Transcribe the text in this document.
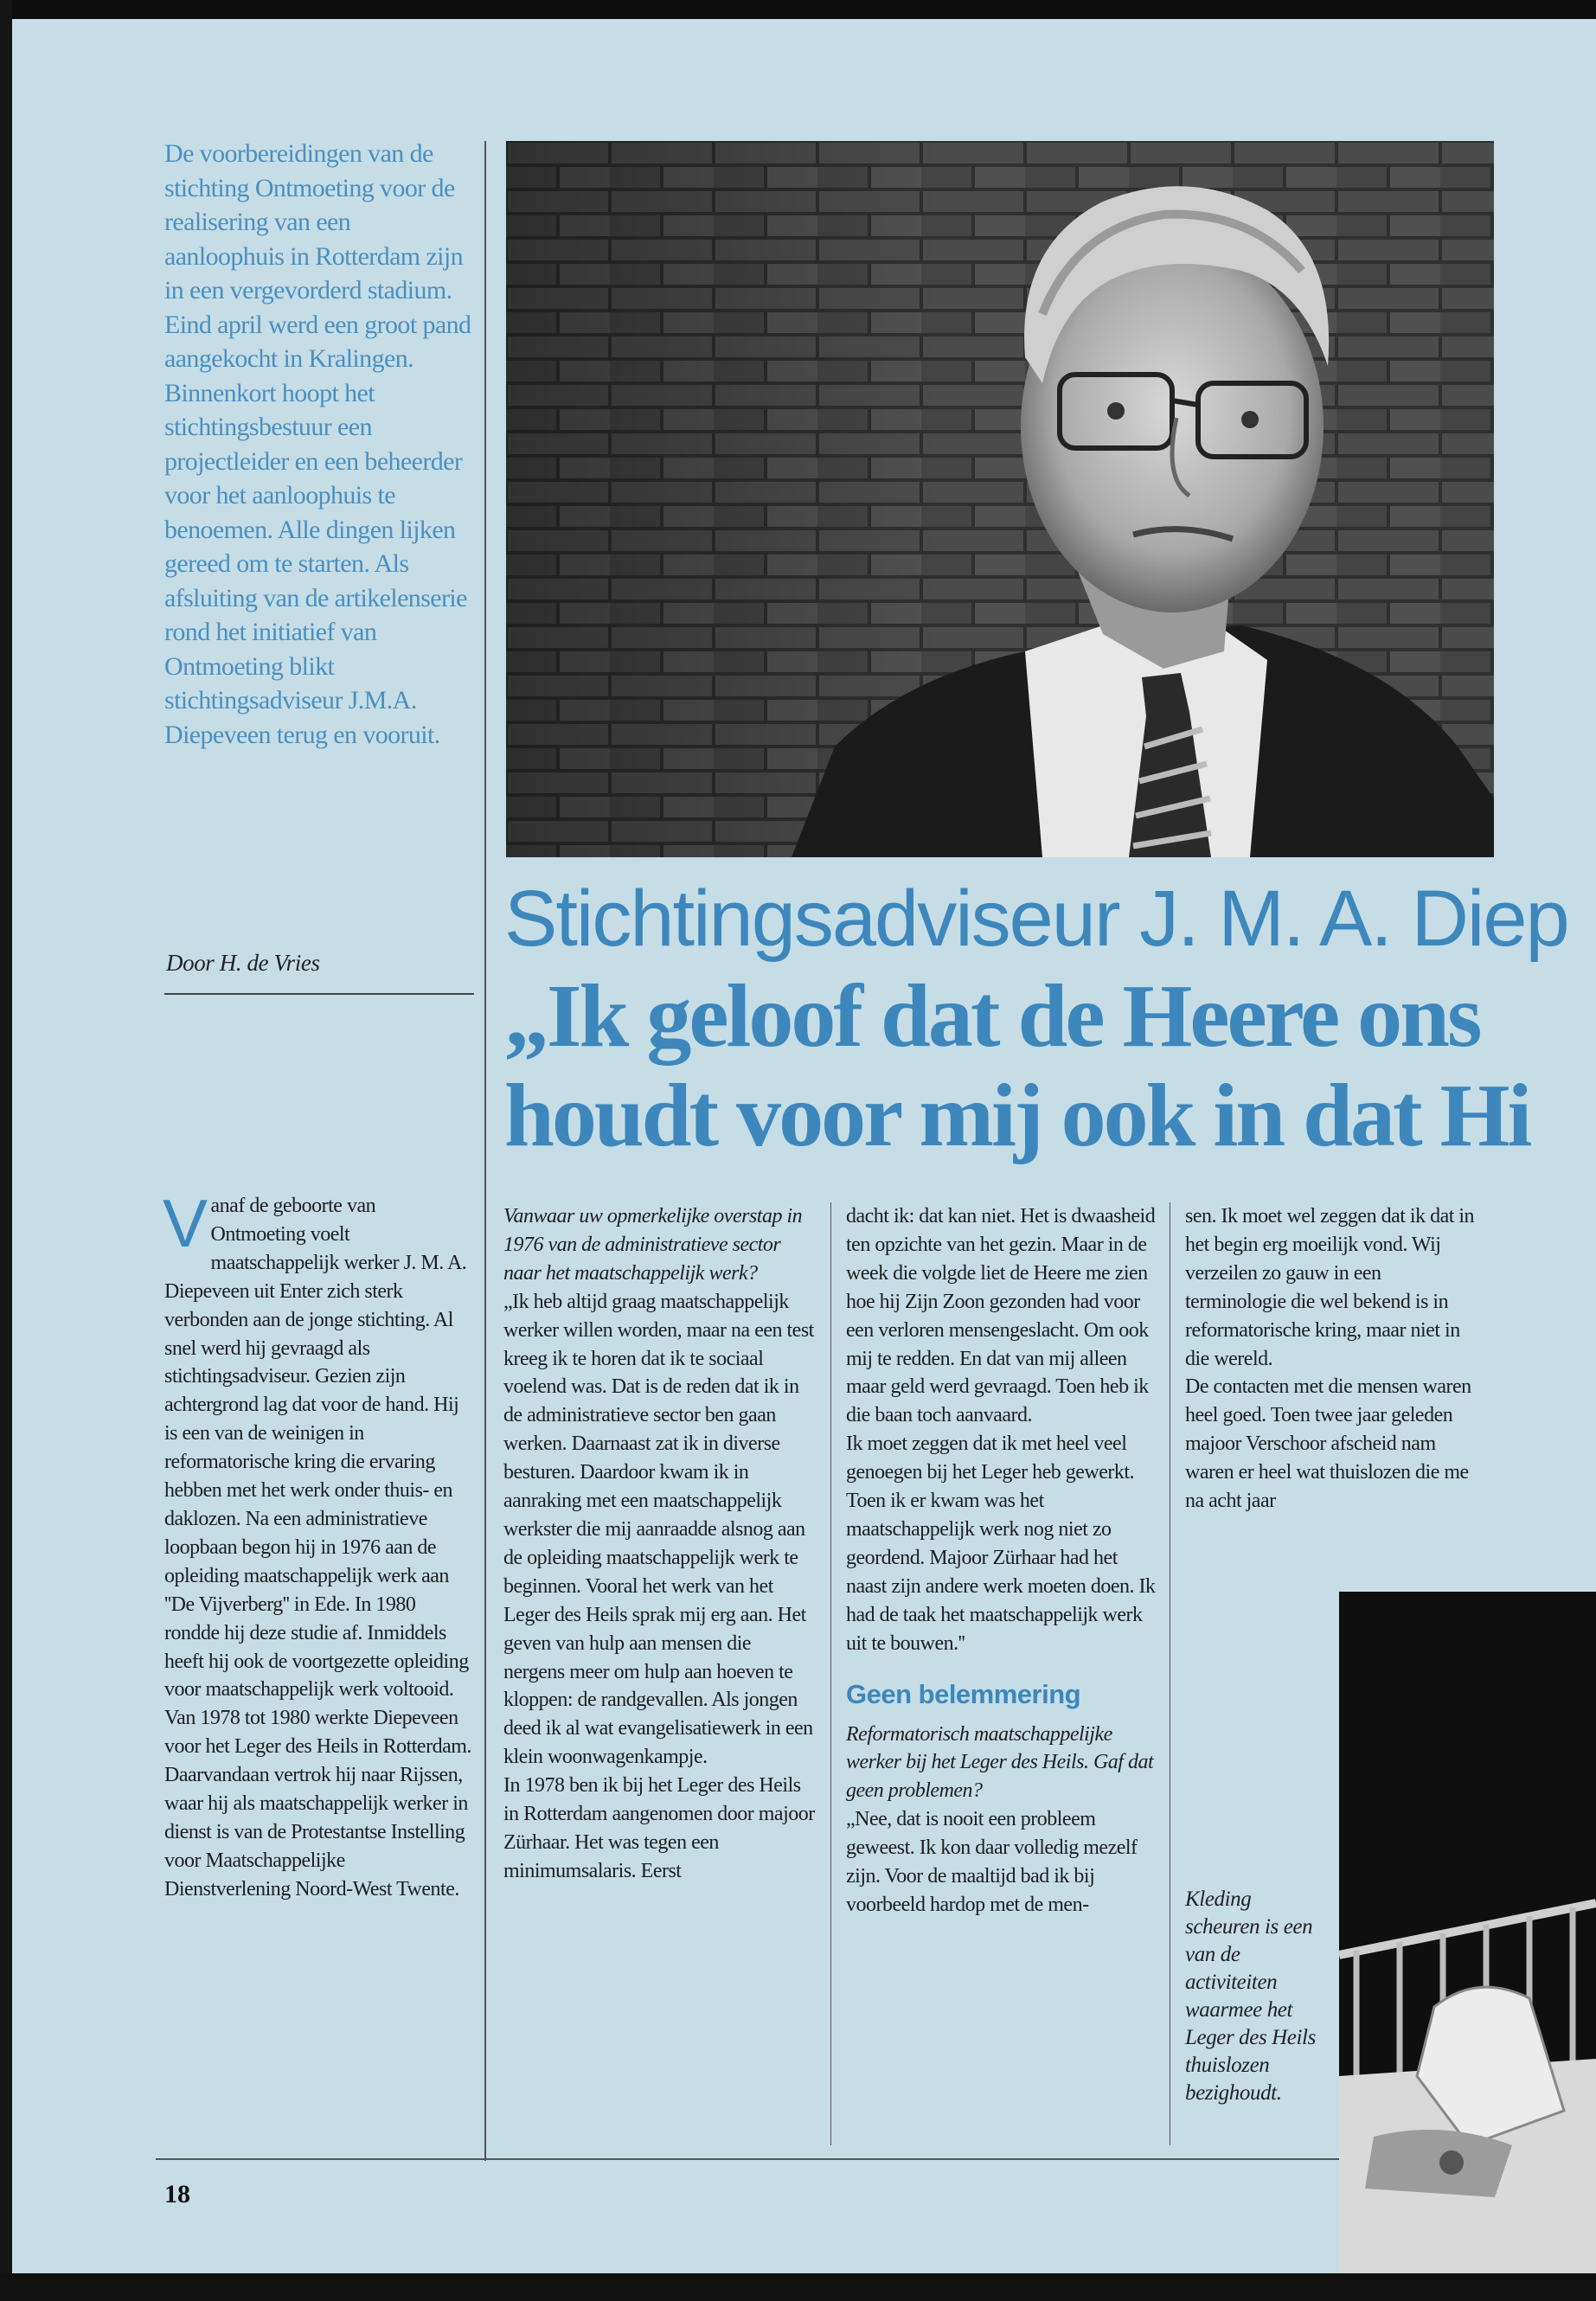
De voorbereidingen van de stichting Ontmoeting voor de realisering van een aanloophuis in Rotterdam zijn in een vergevorderd stadium. Eind april werd een groot pand aangekocht in Kralingen. Binnenkort hoopt het stichtingsbestuur een projectleider en een beheerder voor het aanloophuis te benoemen. Alle dingen lijken gereed om te starten. Als afsluiting van de artikelenserie rond het initiatief van Ontmoeting blikt stichtingsadviseur J.M.A. Diepeveen terug en vooruit.
Door H. de Vries	Stichtingsadviseur J. M. A. Diep
„Ik geloof dat de Heere ons
houdt voor mij ook in dat Hi

Vanaf de geboorte van Ontmoeting voelt maatschappelijk werker J. M. A. Diepeveen uit Enter zich sterk verbonden aan de jonge stichting. Al snel werd hij gevraagd als stichtingsadviseur. Gezien zijn achtergrond lag dat voor de hand. Hij is een van de weinigen in reformatorische kring die ervaring hebben met het werk onder thuis- en daklozen. Na een administratieve loopbaan begon hij in 1976 aan de opleiding maatschappelijk werk aan ''De Vijverberg'' in Ede. In 1980 rondde hij deze studie af. Inmiddels heeft hij ook de voortgezette opleiding voor maatschappelijk werk voltooid. Van 1978 tot 1980 werkte Diepeveen voor het Leger des Heils in Rotterdam. Daarvandaan vertrok hij naar Rijssen, waar hij als maatschappelijk werker in dienst is van de Protestantse Instelling voor Maatschappelijke Dienstverlening Noord-West Twente.

Vanwaar uw opmerkelijke overstap in 1976 van de administratieve sector naar het maatschappelijk werk?

„Ik heb altijd graag maatschappelijk werker willen worden, maar na een test kreeg ik te horen dat ik te sociaal voelend was. Dat is de reden dat ik in de administratieve sector ben gaan werken. Daarnaast zat ik in diverse besturen. Daardoor kwam ik in aanraking met een maatschappelijk werkster die mij aanraadde alsnog aan de opleiding maatschappelijk werk te beginnen. Vooral het werk van het Leger des Heils sprak mij erg aan. Het geven van hulp aan mensen die nergens meer om hulp aan hoeven te kloppen: de randgevallen. Als jongen deed ik al wat evangelisatiewerk in een klein woonwagenkampje.

In 1978 ben ik bij het Leger des Heils in Rotterdam aangenomen door majoor Zürhaar. Het was tegen een minimumsalaris. Eerst

dacht ik: dat kan niet. Het is dwaasheid ten opzichte van het gezin. Maar in de week die volgde liet de Heere me zien hoe hij Zijn Zoon gezonden had voor een verloren mensengeslacht. Om ook mij te redden. En dat van mij alleen maar geld werd gevraagd. Toen heb ik die baan toch aanvaard.

Ik moet zeggen dat ik met heel veel genoegen bij het Leger heb gewerkt. Toen ik er kwam was het maatschappelijk werk nog niet zo geordend. Majoor Zürhaar had het naast zijn andere werk moeten doen. Ik had de taak het maatschappelijk werk uit te bouwen.''

Geen belemmering

Reformatorisch maatschappelijke werker bij het Leger des Heils. Gaf dat geen problemen?

„Nee, dat is nooit een probleem geweest. Ik kon daar volledig mezelf zijn. Voor de maaltijd bad ik bij voorbeeld hardop met de men-

sen. Ik moet wel zeggen dat ik dat in het begin erg moeilijk vond. Wij verzeilen zo gauw in een terminologie die wel bekend is in reformatorische kring, maar niet in die wereld.

De contacten met die mensen waren heel goed. Toen twee jaar geleden majoor Verschoor afscheid nam waren er heel wat thuislozen die me na acht jaar

Kleding scheuren is een van de activiteiten waarmee het Leger des Heils thuislozen bezighoudt.
18
